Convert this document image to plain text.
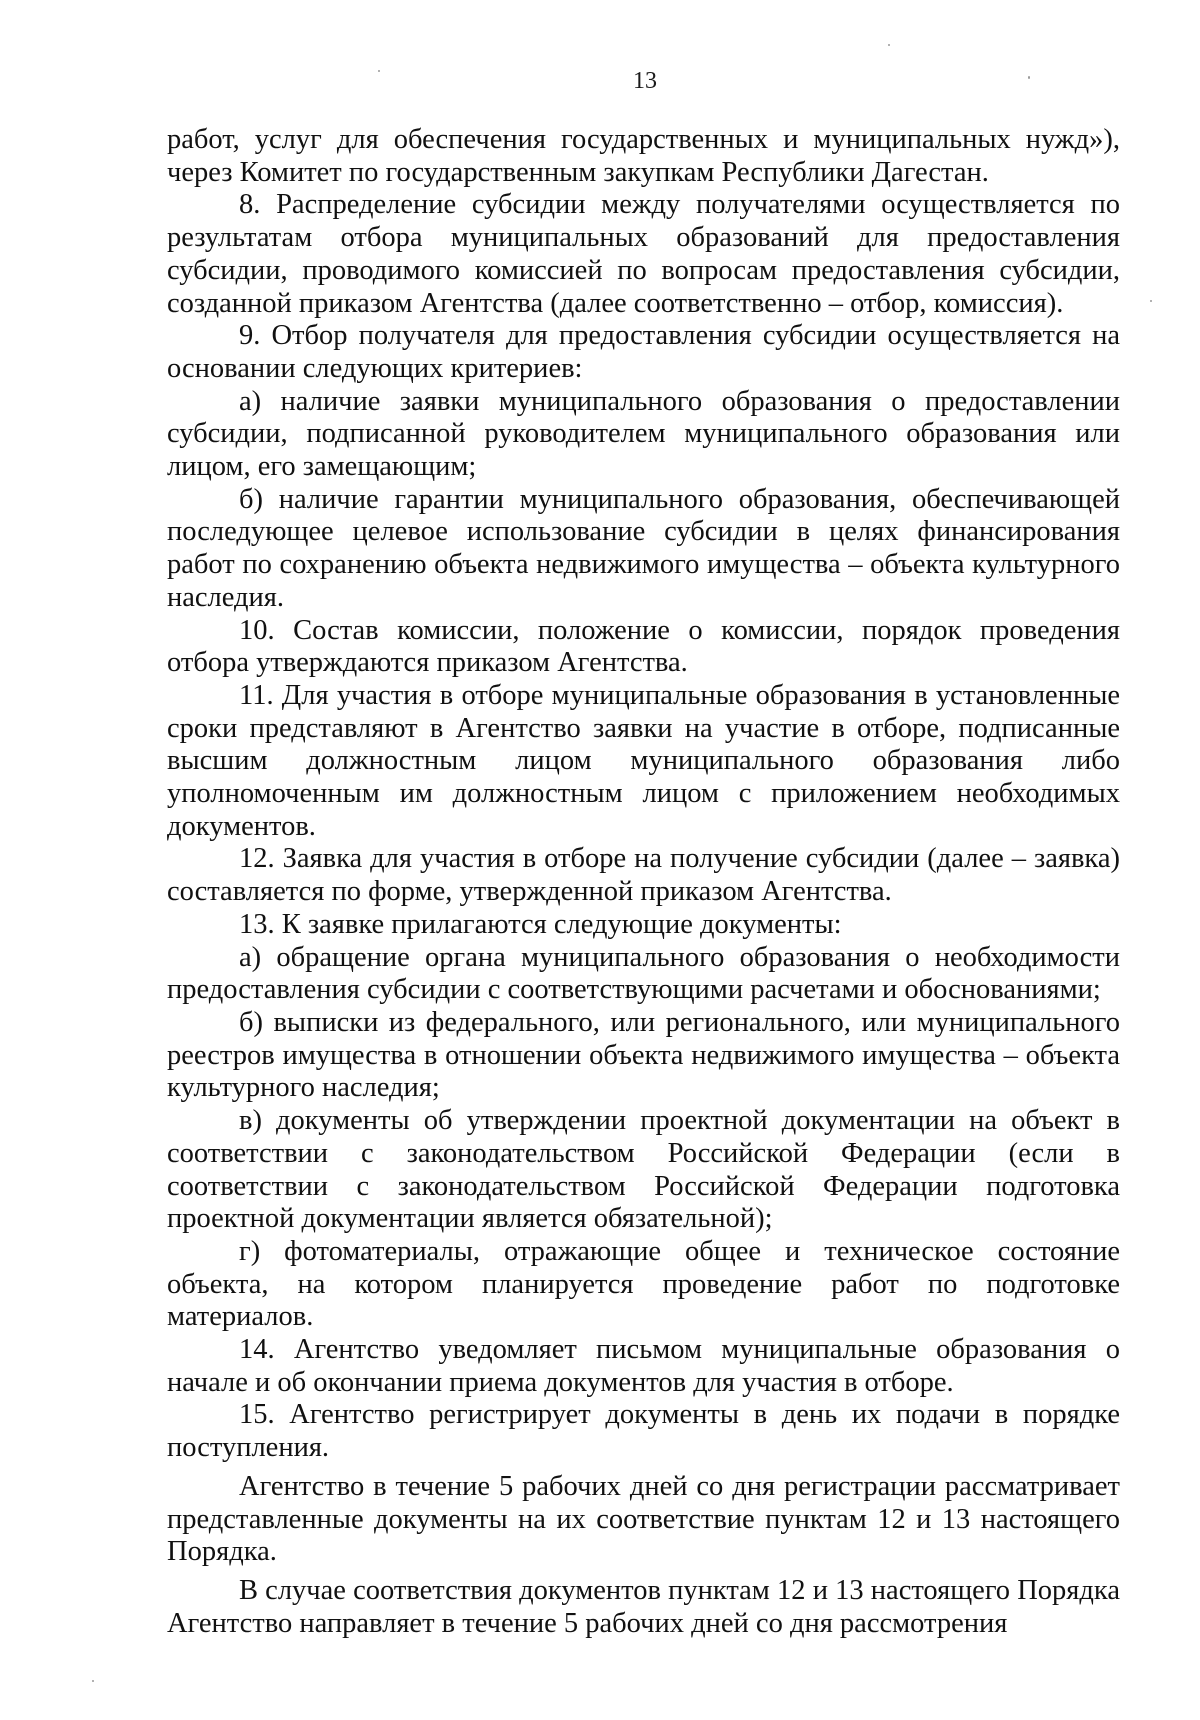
13

работ, услуг для обеспечения государственных и муниципальных нужд»), через Комитет по государственным закупкам Республики Дагестан.

8. Распределение субсидии между получателями осуществляется по результатам отбора муниципальных образований для предоставления субсидии, проводимого комиссией по вопросам предоставления субсидии, созданной приказом Агентства (далее соответственно – отбор, комиссия).

9. Отбор получателя для предоставления субсидии осуществляется на основании следующих критериев:

а) наличие заявки муниципального образования о предоставлении субсидии, подписанной руководителем муниципального образования или лицом, его замещающим;

б) наличие гарантии муниципального образования, обеспечивающей последующее целевое использование субсидии в целях финансирования работ по сохранению объекта недвижимого имущества – объекта культурного наследия.

10. Состав комиссии, положение о комиссии, порядок проведения отбора утверждаются приказом Агентства.

11. Для участия в отборе муниципальные образования в установленные сроки представляют в Агентство заявки на участие в отборе, подписанные высшим должностным лицом муниципального образования либо уполномоченным им должностным лицом с приложением необходимых документов.

12. Заявка для участия в отборе на получение субсидии (далее – заявка) составляется по форме, утвержденной приказом Агентства.

13. К заявке прилагаются следующие документы:

а) обращение органа муниципального образования о необходимости предоставления субсидии с соответствующими расчетами и обоснованиями;

б) выписки из федерального, или регионального, или муниципального реестров имущества в отношении объекта недвижимого имущества – объекта культурного наследия;

в) документы об утверждении проектной документации на объект в соответствии с законодательством Российской Федерации (если в соответствии с законодательством Российской Федерации подготовка проектной документации является обязательной);

г) фотоматериалы, отражающие общее и техническое состояние объекта, на котором планируется проведение работ по подготовке материалов.

14. Агентство уведомляет письмом муниципальные образования о начале и об окончании приема документов для участия в отборе.

15. Агентство регистрирует документы в день их подачи в порядке поступления.

Агентство в течение 5 рабочих дней со дня регистрации рассматривает представленные документы на их соответствие пунктам 12 и 13 настоящего Порядка.

В случае соответствия документов пунктам 12 и 13 настоящего Порядка Агентство направляет в течение 5 рабочих дней со дня рассмотрения
